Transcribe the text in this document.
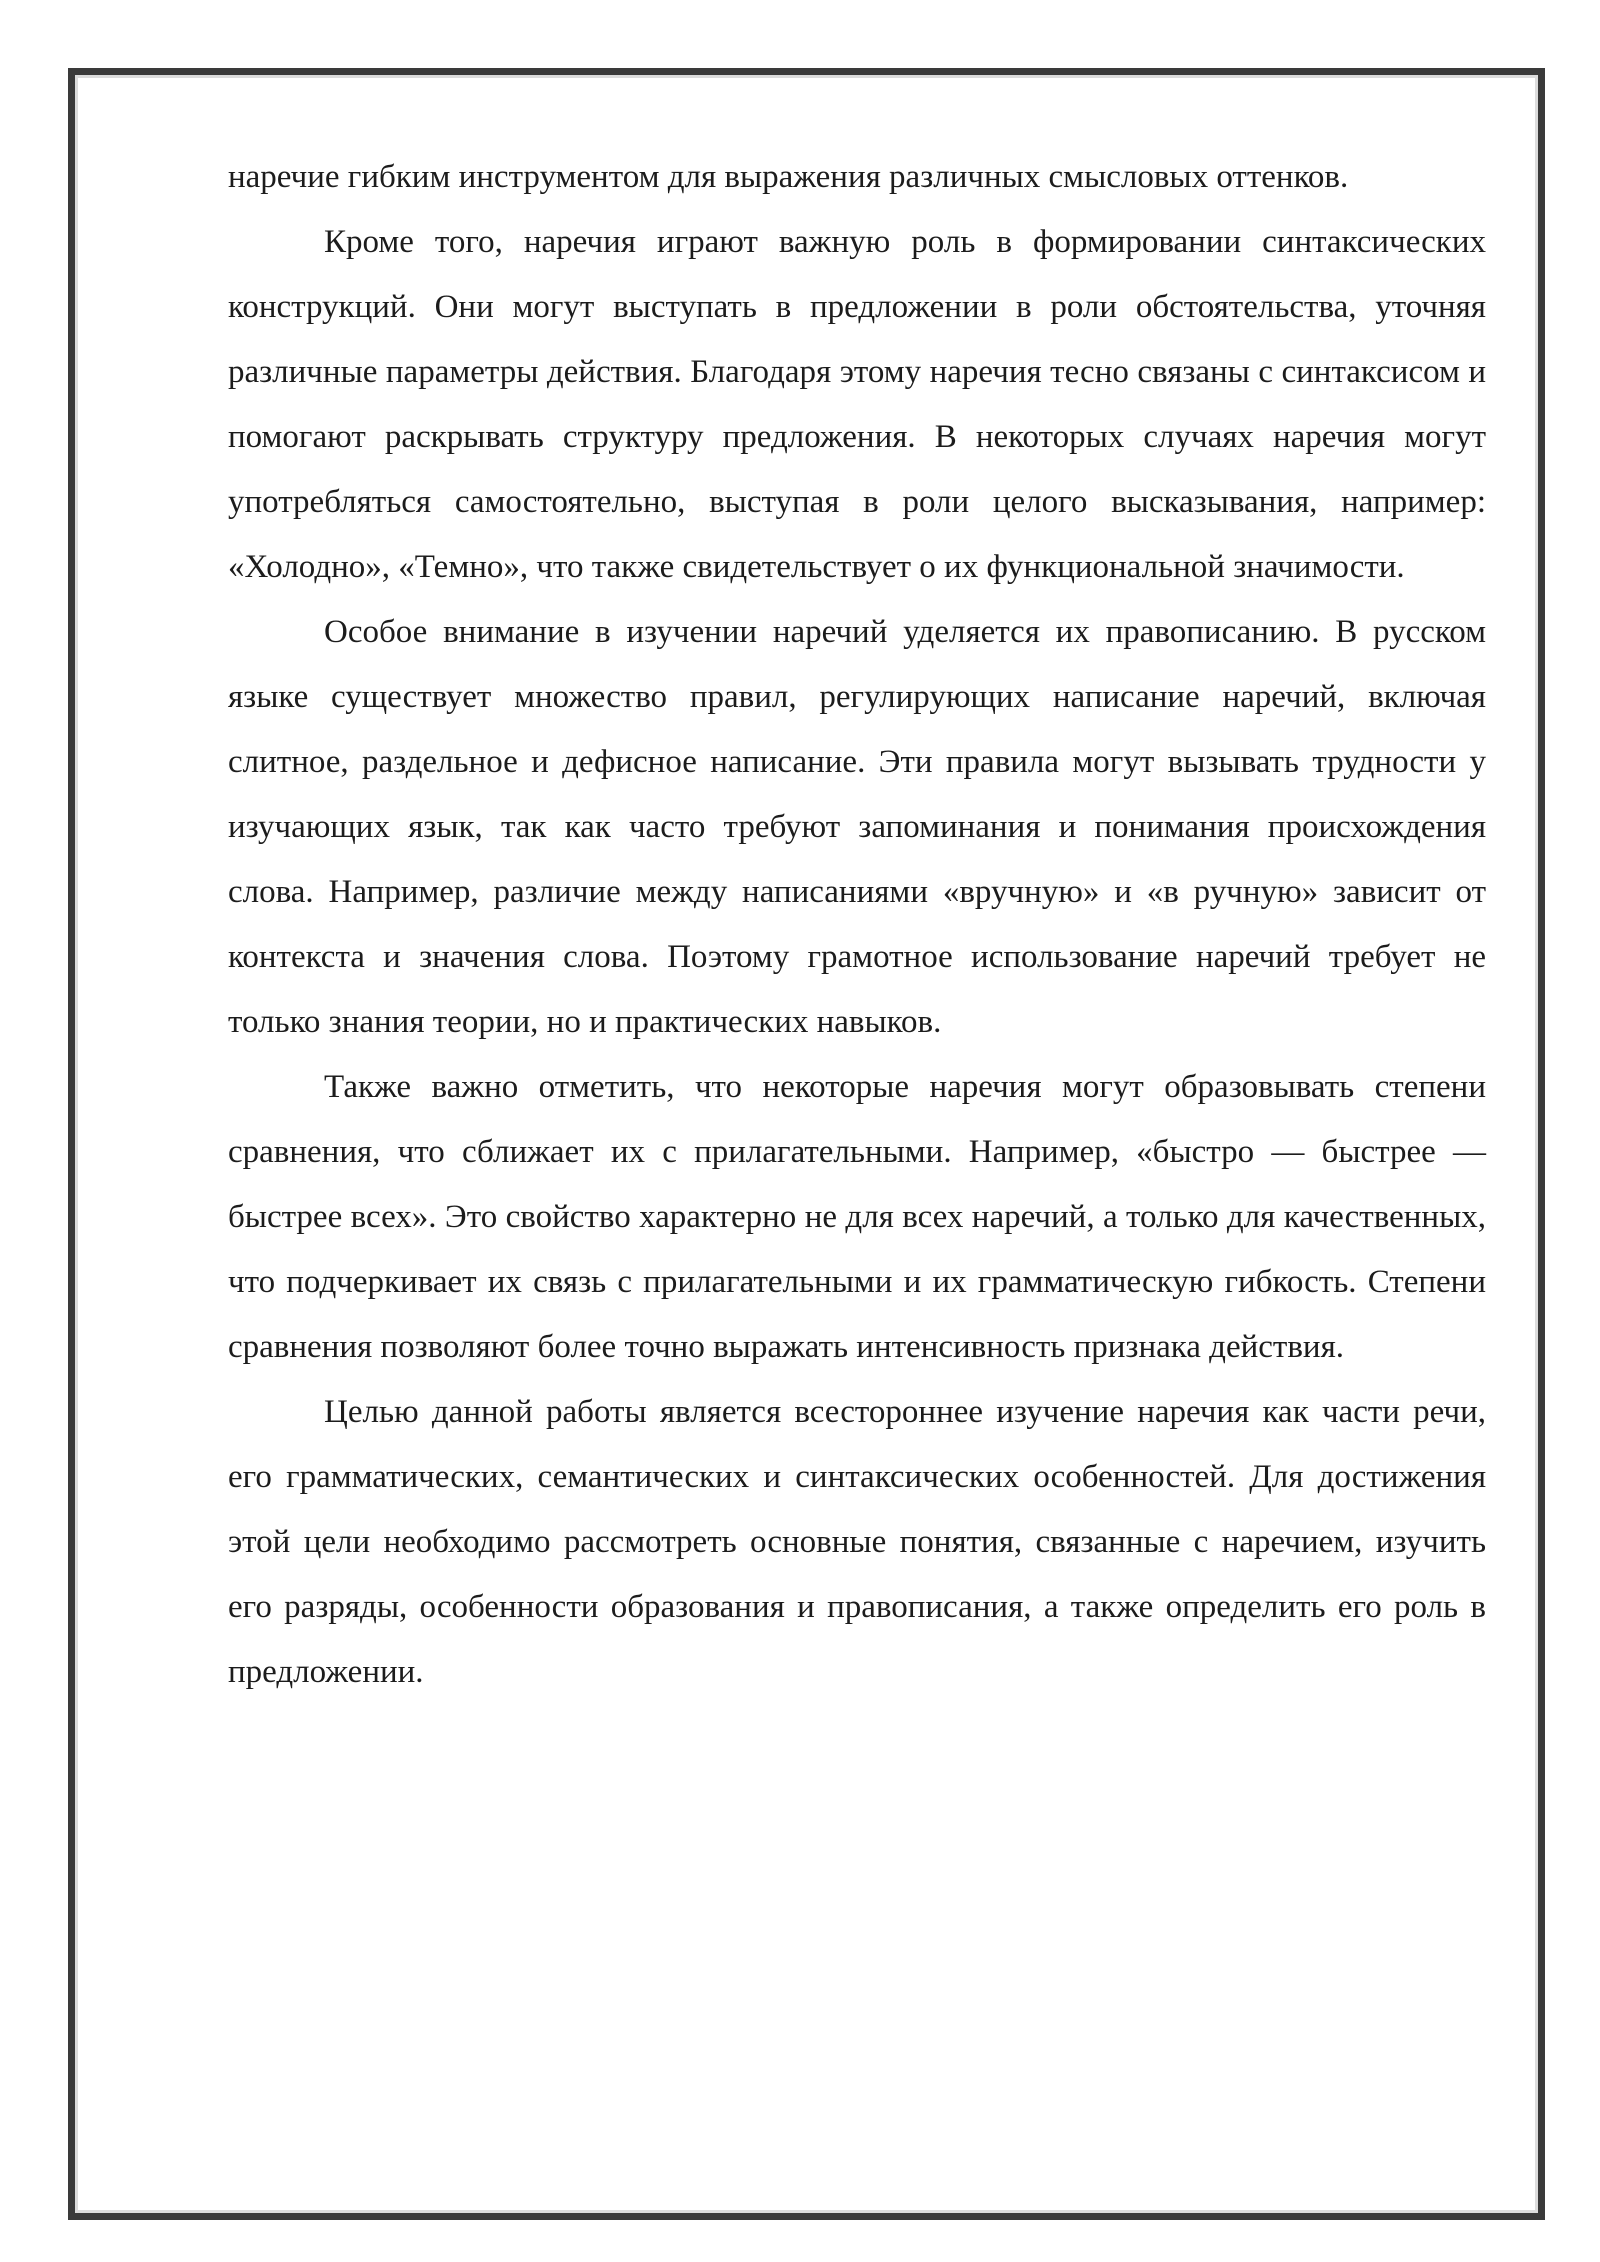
наречие гибким инструментом для выражения различных смысловых оттенков.

Кроме того, наречия играют важную роль в формировании синтаксических конструкций. Они могут выступать в предложении в роли обстоятельства, уточняя различные параметры действия. Благодаря этому наречия тесно связаны с синтаксисом и помогают раскрывать структуру предложения. В некоторых случаях наречия могут употребляться самостоятельно, выступая в роли целого высказывания, например: «Холодно», «Темно», что также свидетельствует о их функциональной значимости.

Особое внимание в изучении наречий уделяется их правописанию. В русском языке существует множество правил, регулирующих написание наречий, включая слитное, раздельное и дефисное написание. Эти правила могут вызывать трудности у изучающих язык, так как часто требуют запоминания и понимания происхождения слова. Например, различие между написаниями «вручную» и «в ручную» зависит от контекста и значения слова. Поэтому грамотное использование наречий требует не только знания теории, но и практических навыков.

Также важно отметить, что некоторые наречия могут образовывать степени сравнения, что сближает их с прилагательными. Например, «быстро — быстрее — быстрее всех». Это свойство характерно не для всех наречий, а только для качественных, что подчеркивает их связь с прилагательными и их грамматическую гибкость. Степени сравнения позволяют более точно выражать интенсивность признака действия.

Целью данной работы является всестороннее изучение наречия как части речи, его грамматических, семантических и синтаксических особенностей. Для достижения этой цели необходимо рассмотреть основные понятия, связанные с наречием, изучить его разряды, особенности образования и правописания, а также определить его роль в предложении.
